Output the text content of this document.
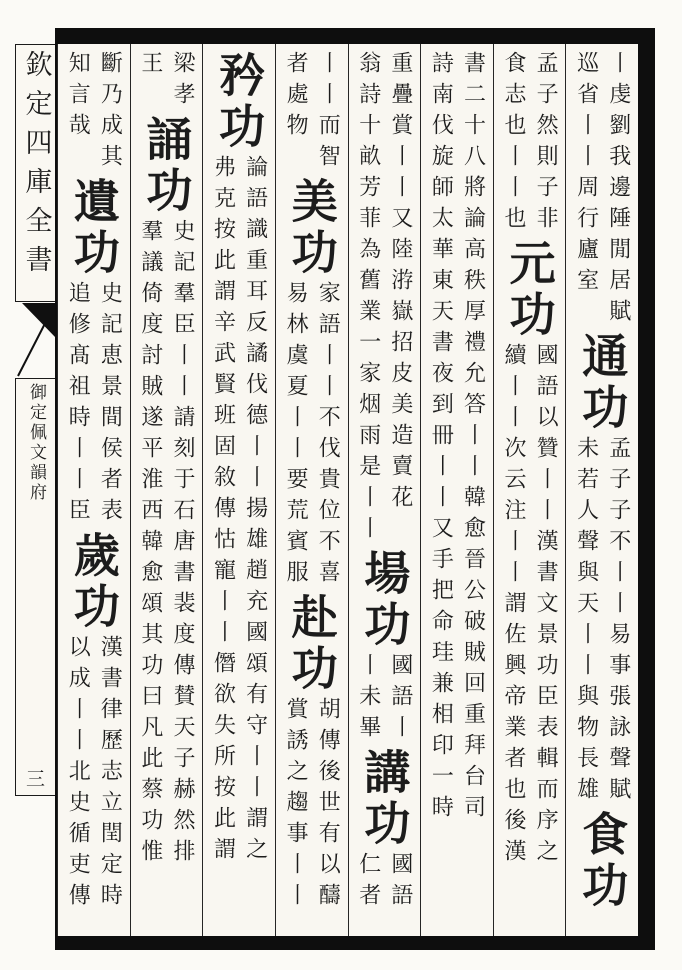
欽定四庫全書
御定佩文韻府
三
丨虔劉我邊陲閒居賦
巡省丨丨周行廬室
通功
孟子子不丨丨易事張詠聲賦
未若人聲與天丨丨與物長雄
食功
孟子然則子非
食志也丨丨也
元功
國語以贊丨丨漢書文景功臣表輯而序之
續丨丨次云注丨丨謂佐興帝業者也後漢
書二十八將論高秩厚禮允答丨丨韓愈晉公破賊回重拜台司
詩南伐旋師太華東天書夜到冊丨丨又手把命珪兼相印一時
重疊賞丨丨又陸㳺嶽招皮美造賣花
翁詩十畝芳菲為舊業一家烟雨是丨丨
場功
國語丨
丨未畢
講功
國語
仁者
丨丨而智
者處物
美功
家語丨丨不伐貴位不喜
易林虞夏丨丨要荒賓服
赴功
胡傳後世有以醻
賞誘之趨事丨丨
矜功
論語識重耳反譎伐德丨丨揚雄趙充國頌有守丨丨謂之
弗克按此謂辛武賢班固敘傳怙寵丨丨僭欲失所按此謂
梁孝
王
誦功
史記羣臣丨丨請刻于石唐書裴度傳賛天子赫然排
羣議倚度討賊遂平淮西韓愈頌其功曰凡此蔡功惟
斷乃成其
知言哉
遺功
史記恵景間侯者表
追修髙祖時丨丨臣
歲功
漢書律歷志立閏定時
以成丨丨北史循吏傳
